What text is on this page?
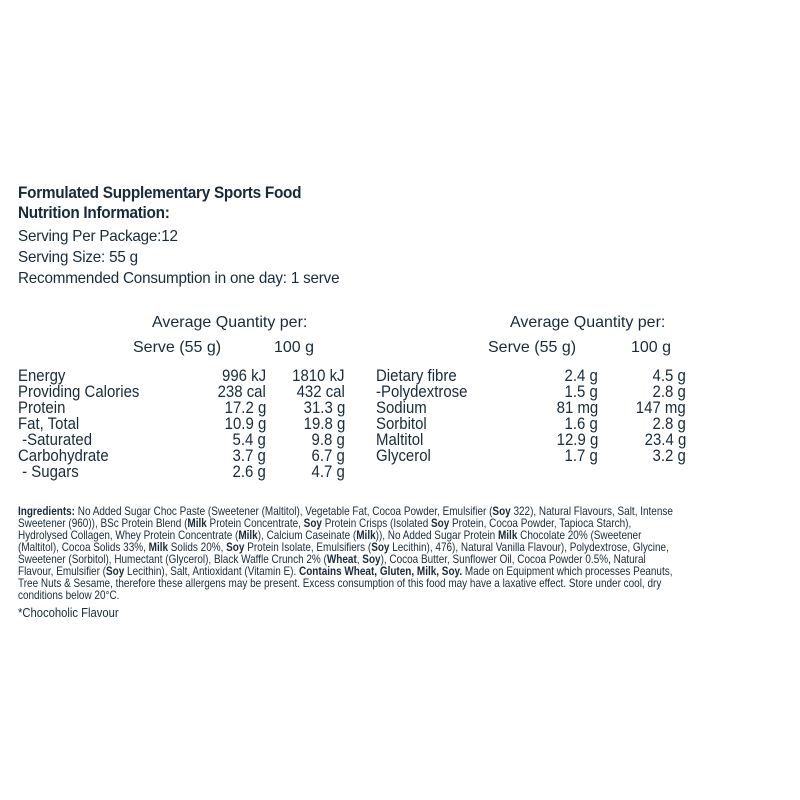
Formulated Supplementary Sports Food
Nutrition Information:
Serving Per Package:12
Serving Size: 55 g
Recommended Consumption in one day: 1 serve
Average Quantity per:
Serve (55 g)	100 g
Average Quantity per:
Serve (55 g)	100 g
Energy	996 kJ	1810 kJ
Providing Calories	238 cal	432 cal
Protein	17.2 g	31.3 g
Fat, Total	10.9 g	19.8 g
-Saturated	5.4 g	9.8 g
Carbohydrate	3.7 g	6.7 g
- Sugars	2.6 g	4.7 g
Dietary fibre	2.4 g	4.5 g
-Polydextrose	1.5 g	2.8 g
Sodium	81 mg	147 mg
Sorbitol	1.6 g	2.8 g
Maltitol	12.9 g	23.4 g
Glycerol	1.7 g	3.2 g
Ingredients: No Added Sugar Choc Paste (Sweetener (Maltitol), Vegetable Fat, Cocoa Powder, Emulsifier (Soy 322), Natural Flavours, Salt, Intense Sweetener (960)), BSc Protein Blend (Milk Protein Concentrate, Soy Protein Crisps (Isolated Soy Protein, Cocoa Powder, Tapioca Starch), Hydrolysed Collagen, Whey Protein Concentrate (Milk), Calcium Caseinate (Milk)), No Added Sugar Protein Milk Chocolate 20% (Sweetener (Maltitol), Cocoa Solids 33%, Milk Solids 20%, Soy Protein Isolate, Emulsifiers (Soy Lecithin), 476), Natural Vanilla Flavour), Polydextrose, Glycine, Sweetener (Sorbitol), Humectant (Glycerol), Black Waffle Crunch 2% (Wheat, Soy), Cocoa Butter, Sunflower Oil, Cocoa Powder 0.5%, Natural Flavour, Emulsifier (Soy Lecithin), Salt, Antioxidant (Vitamin E). Contains Wheat, Gluten, Milk, Soy. Made on Equipment which processes Peanuts, Tree Nuts & Sesame, therefore these allergens may be present. Excess consumption of this food may have a laxative effect. Store under cool, dry conditions below 20°C.
*Chocoholic Flavour
